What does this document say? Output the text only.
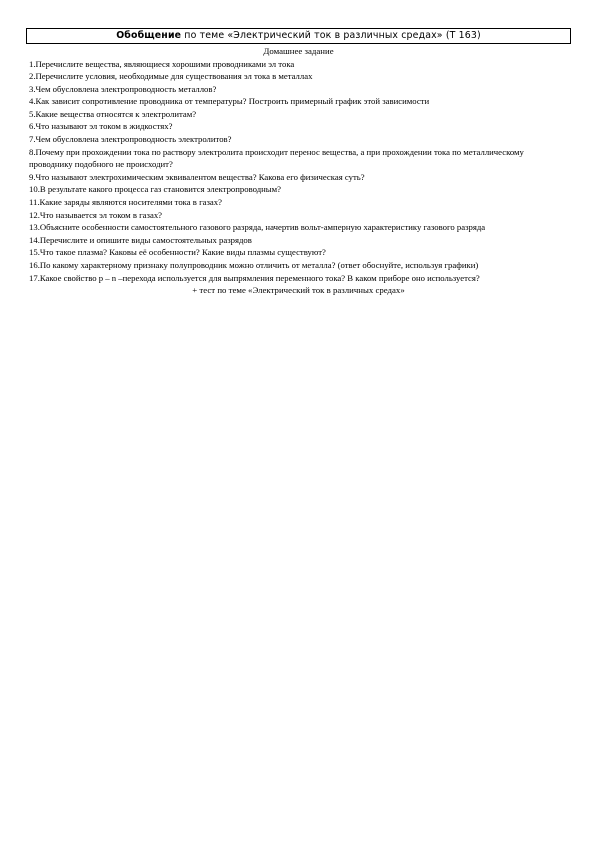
Обобщение по теме «Электрический ток в различных средах» (Т 163)
Домашнее задание
1.Перечислите вещества, являющиеся хорошими проводниками эл тока
2.Перечислите условия, необходимые для существования эл тока в металлах
3.Чем обусловлена электропроводность металлов?
4.Как зависит сопротивление проводника от температуры? Построить примерный график этой зависимости
5.Какие вещества относятся к электролитам?
6.Что называют эл током в жидкостях?
7.Чем обусловлена электропроводность электролитов?
8.Почему при прохождении тока по раствору электролита происходит перенос вещества, а при прохождении тока по металлическому проводнику подобного не происходит?
9.Что называют электрохимическим эквивалентом вещества? Какова его физическая суть?
10.В результате какого процесса газ становится электропроводным?
11.Какие заряды являются носителями тока в газах?
12.Что называется эл током в газах?
13.Объясните особенности самостоятельного газового разряда, начертив вольт-амперную характеристику газового разряда
14.Перечислите и опишите виды самостоятельных разрядов
15.Что такое плазма? Каковы её особенности? Какие виды плазмы существуют?
16.По какому характерному признаку полупроводник можно отличить от металла? (ответ обоснуйте, используя графики)
17.Какое свойство p – n –перехода используется для выпрямления переменного тока? В каком приборе оно используется?
+ тест по теме «Электрический ток в различных средах»
